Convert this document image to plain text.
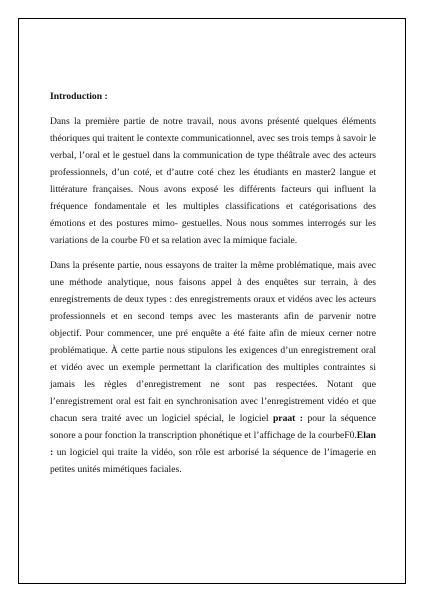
Introduction :

Dans la première partie de notre travail, nous avons présenté quelques éléments théoriques qui traitent le contexte communicationnel, avec ses trois temps à savoir le verbal, l’oral et le gestuel dans la communication de type théâtrale avec des acteurs professionnels, d’un coté, et d’autre coté chez les étudiants en master2 langue et littérature françaises. Nous avons exposé les différents facteurs qui influent la fréquence fondamentale et les multiples classifications et catégorisations des émotions et des postures mimo- gestuelles. Nous nous sommes interrogés sur les variations de la courbe F0 et sa relation avec la mimique faciale.

Dans la présente partie, nous essayons de traiter la même problématique, mais avec une méthode analytique, nous faisons appel à des enquêtes sur terrain, à des enregistrements de deux types : des enregistrements oraux et vidéos avec les acteurs professionnels et en second temps avec les masterants afin de parvenir notre objectif. Pour commencer, une pré enquête a été faite afin de mieux cerner notre problématique. À cette partie nous stipulons les exigences d’un enregistrement oral et vidéo avec un exemple permettant la clarification des multiples contraintes si jamais les règles d’enregistrement ne sont pas respectées. Notant que l’enregistrement oral est fait en synchronisation avec l’enregistrement vidéo et que chacun sera traité avec un logiciel spécial, le logiciel praat : pour la séquence sonore a pour fonction la transcription phonétique et l’affichage de la courbeF0.Elan : un logiciel qui traite la vidéo, son rôle est arborisé la séquence de l’imagerie en petites unités mimétiques faciales.
